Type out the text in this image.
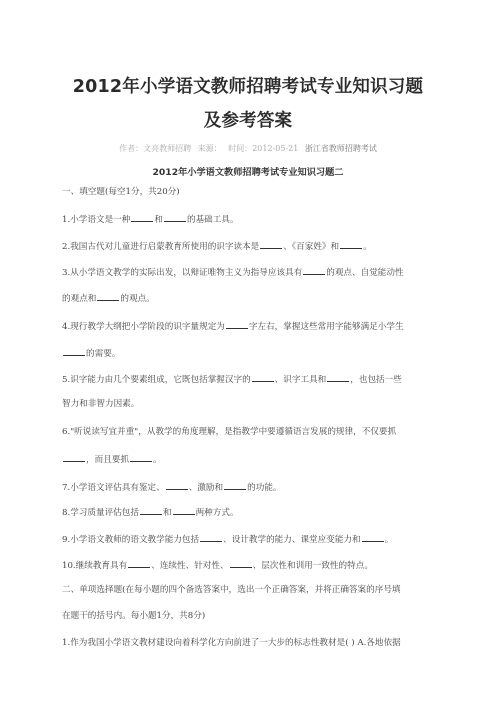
2012年小学语文教师招聘考试专业知识习题
及参考答案
作者：文亮教师招聘 来源： 时间：2012-05-21 浙江省教师招聘考试
2012年小学语文教师招聘考试专业知识习题二
一、填空题(每空1分，共20分)
1.小学语文是一种	和	的基础工具。
2.我国古代对儿童进行启蒙教育所使用的识字读本是	、《百家姓》和	。
3.从小学语文教学的实际出发，以辩证唯物主义为指导应该具有	的观点、自觉能动性
的观点和	的观点。
4.现行教学大纲把小学阶段的识字量规定为	字左右，掌握这些常用字能够满足小学生
的需要。
5.识字能力由几个要素组成，它既包括掌握汉字的	、识字工具和	，也包括一些
智力和非智力因素。
6."听说读写宜并重"，从教学的角度理解，是指教学中要遵循语言发展的规律，不仅要抓
，而且要抓	。
7.小学语文评估具有鉴定、	、激励和	的功能。
8.学习质量评估包括	和	两种方式。
9.小学语文教师的语文教学能力包括	、设计教学的能力、课堂应变能力和	。
10.继续教育具有	、连续性、针对性、	、层次性和训用一致性的特点。
二、单项选择题(在每小题的四个备选答案中，选出一个正确答案，并将正确答案的序号填
在题干的括号内。每小题1分，共8分)
1.作为我国小学语文教材建设向着科学化方向前进了一大步的标志性教材是( ) A.各地依据
